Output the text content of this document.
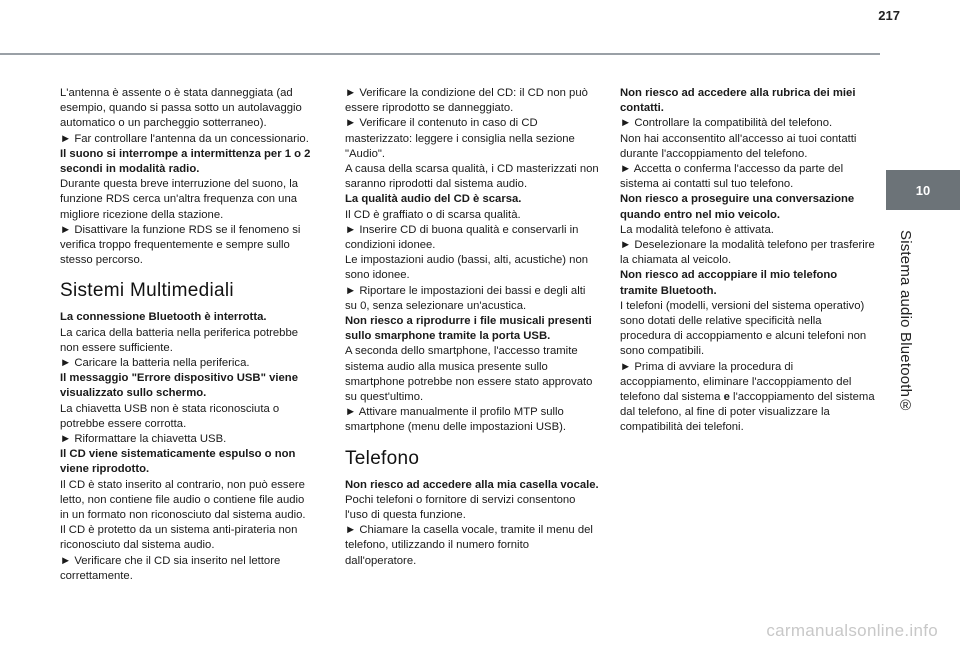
217
10
Sistema audio Bluetooth®

L'antenna è assente o è stata danneggiata (ad esempio, quando si passa sotto un autolavaggio automatico o un parcheggio sotterraneo).

► Far controllare l'antenna da un concessionario.

Il suono si interrompe a intermittenza per 1 o 2 secondi in modalità radio.

Durante questa breve interruzione del suono, la funzione RDS cerca un'altra frequenza con una migliore ricezione della stazione.

► Disattivare la funzione RDS se il fenomeno si verifica troppo frequentemente e sempre sullo stesso percorso.

Sistemi Multimediali

La connessione Bluetooth è interrotta.

La carica della batteria nella periferica potrebbe non essere sufficiente.

► Caricare la batteria nella periferica.

Il messaggio "Errore dispositivo USB" viene visualizzato sullo schermo.

La chiavetta USB non è stata riconosciuta o potrebbe essere corrotta.

► Riformattare la chiavetta USB.

Il CD viene sistematicamente espulso o non viene riprodotto.

Il CD è stato inserito al contrario, non può essere letto, non contiene file audio o contiene file audio in un formato non riconosciuto dal sistema audio.

Il CD è protetto da un sistema anti-pirateria non riconosciuto dal sistema audio.

► Verificare che il CD sia inserito nel lettore correttamente.

► Verificare la condizione del CD: il CD non può essere riprodotto se danneggiato.

► Verificare il contenuto in caso di CD masterizzato: leggere i consiglia nella sezione "Audio".

A causa della scarsa qualità, i CD masterizzati non saranno riprodotti dal sistema audio.

La qualità audio del CD è scarsa.

Il CD è graffiato o di scarsa qualità.

► Inserire CD di buona qualità e conservarli in condizioni idonee.

Le impostazioni audio (bassi, alti, acustiche) non sono idonee.

► Riportare le impostazioni dei bassi e degli alti su 0, senza selezionare un'acustica.

Non riesco a riprodurre i file musicali presenti sullo smarphone tramite la porta USB.

A seconda dello smartphone, l'accesso tramite sistema audio alla musica presente sullo smartphone potrebbe non essere stato approvato su quest'ultimo.

► Attivare manualmente il profilo MTP sullo smartphone (menu delle impostazioni USB).

Telefono

Non riesco ad accedere alla mia casella vocale.

Pochi telefoni o fornitore di servizi consentono l'uso di questa funzione.

► Chiamare la casella vocale, tramite il menu del telefono, utilizzando il numero fornito dall'operatore.

Non riesco ad accedere alla rubrica dei miei contatti.

► Controllare la compatibilità del telefono.

Non hai acconsentito all'accesso ai tuoi contatti durante l'accoppiamento del telefono.

► Accetta o conferma l'accesso da parte del sistema ai contatti sul tuo telefono.

Non riesco a proseguire una conversazione quando entro nel mio veicolo.

La modalità telefono è attivata.

► Deselezionare la modalità telefono per trasferire la chiamata al veicolo.

Non riesco ad accoppiare il mio telefono tramite Bluetooth.

I telefoni (modelli, versioni del sistema operativo) sono dotati delle relative specificità nella procedura di accoppiamento e alcuni telefoni non sono compatibili.

► Prima di avviare la procedura di accoppiamento, eliminare l'accoppiamento del telefono dal sistema e l'accoppiamento del sistema dal telefono, al fine di poter visualizzare la compatibilità dei telefoni.

carmanualsonline.info
